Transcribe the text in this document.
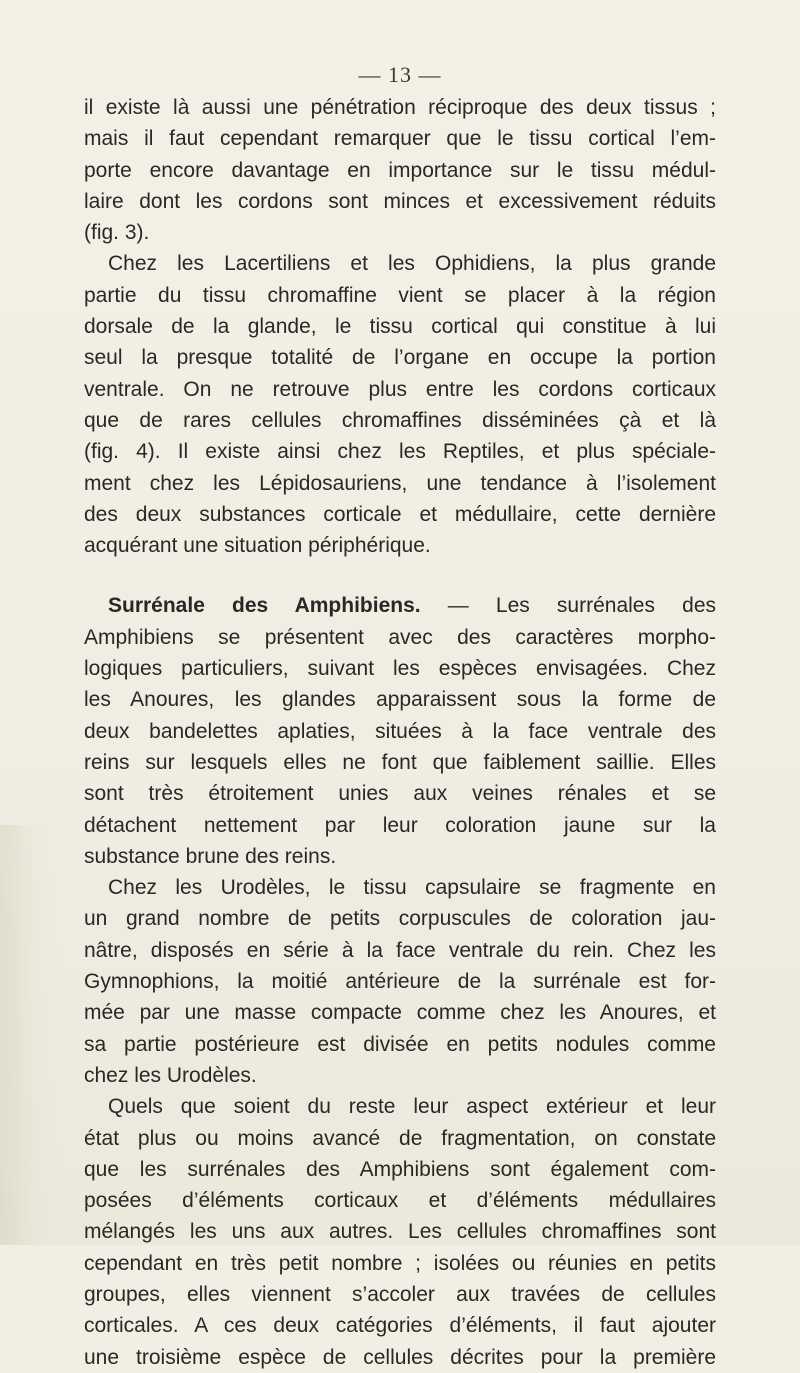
— 13 —
il existe là aussi une pénétration réciproque des deux tissus ;
mais il faut cependant remarquer que le tissu cortical l’em-
porte encore davantage en importance sur le tissu médul-
laire dont les cordons sont minces et excessivement réduits
(fig. 3).
Chez les Lacertiliens et les Ophidiens, la plus grande
partie du tissu chromaffine vient se placer à la région
dorsale de la glande, le tissu cortical qui constitue à lui
seul la presque totalité de l’organe en occupe la portion
ventrale. On ne retrouve plus entre les cordons corticaux
que de rares cellules chromaffines disséminées çà et là
(fig. 4). Il existe ainsi chez les Reptiles, et plus spéciale-
ment chez les Lépidosauriens, une tendance à l’isolement
des deux substances corticale et médullaire, cette dernière
acquérant une situation périphérique.
Surrénale des Amphibiens. — Les surrénales des
Amphibiens se présentent avec des caractères morpho-
logiques particuliers, suivant les espèces envisagées. Chez
les Anoures, les glandes apparaissent sous la forme de
deux bandelettes aplaties, situées à la face ventrale des
reins sur lesquels elles ne font que faiblement saillie. Elles
sont très étroitement unies aux veines rénales et se
détachent nettement par leur coloration jaune sur la
substance brune des reins.
Chez les Urodèles, le tissu capsulaire se fragmente en
un grand nombre de petits corpuscules de coloration jau-
nâtre, disposés en série à la face ventrale du rein. Chez les
Gymnophions, la moitié antérieure de la surrénale est for-
mée par une masse compacte comme chez les Anoures, et
sa partie postérieure est divisée en petits nodules comme
chez les Urodèles.
Quels que soient du reste leur aspect extérieur et leur
état plus ou moins avancé de fragmentation, on constate
que les surrénales des Amphibiens sont également com-
posées d’éléments corticaux et d’éléments médullaires
mélangés les uns aux autres. Les cellules chromaffines sont
cependant en très petit nombre ; isolées ou réunies en petits
groupes, elles viennent s’accoler aux travées de cellules
corticales. A ces deux catégories d’éléments, il faut ajouter
une troisième espèce de cellules décrites pour la première
